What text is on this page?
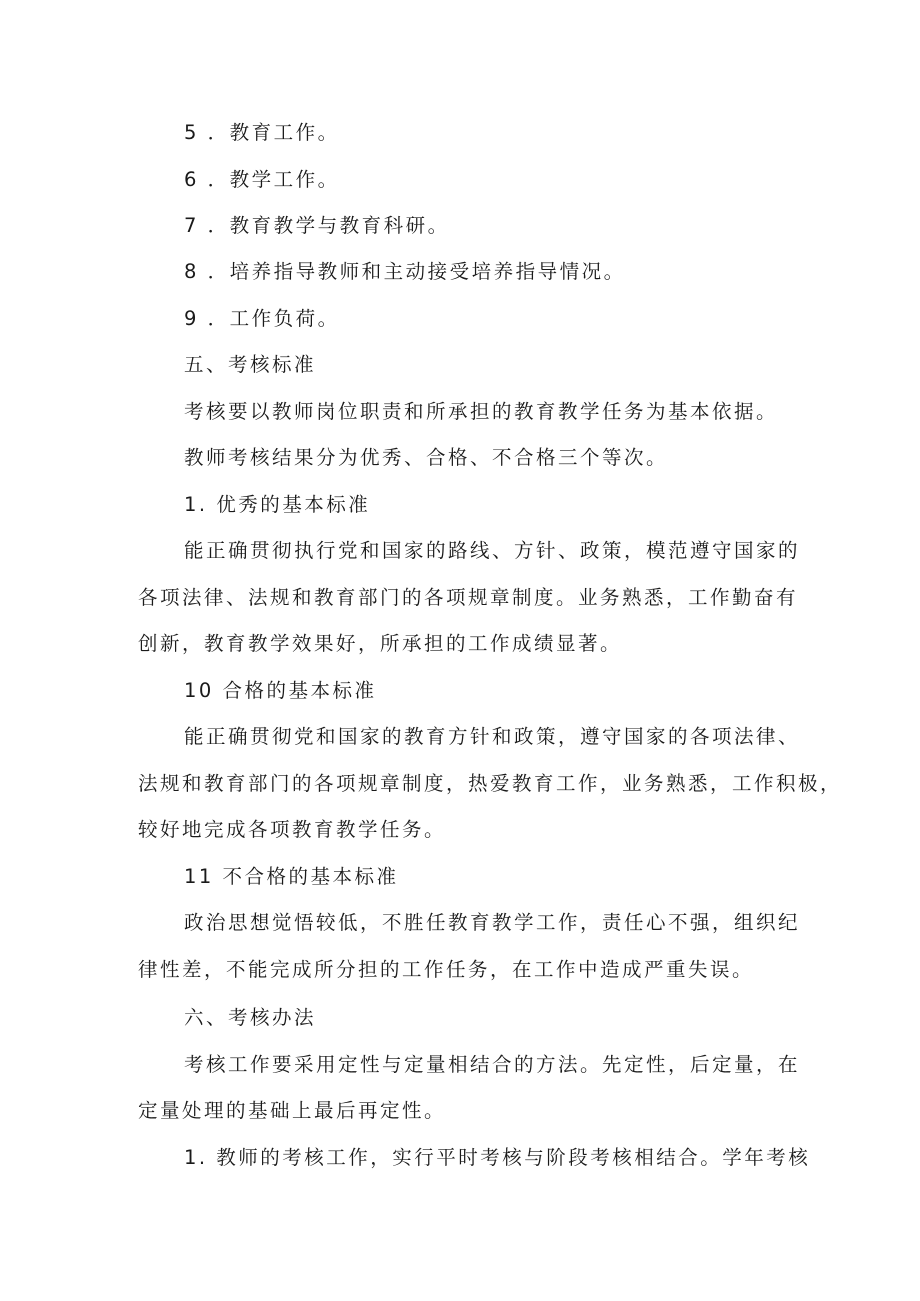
5 ．教育工作。
6 ．教学工作。
7 ．教育教学与教育科研。
8 ．培养指导教师和主动接受培养指导情况。
9 ．工作负荷。
五、考核标准
考核要以教师岗位职责和所承担的教育教学任务为基本依据。
教师考核结果分为优秀、合格、不合格三个等次。
1. 优秀的基本标准
能正确贯彻执行党和国家的路线、方针、政策，模范遵守国家的
各项法律、法规和教育部门的各项规章制度。业务熟悉，工作勤奋有
创新，教育教学效果好，所承担的工作成绩显著。
10 合格的基本标准
能正确贯彻党和国家的教育方针和政策，遵守国家的各项法律、
法规和教育部门的各项规章制度，热爱教育工作，业务熟悉，工作积极，
较好地完成各项教育教学任务。
11 不合格的基本标准
政治思想觉悟较低，不胜任教育教学工作，责任心不强，组织纪
律性差，不能完成所分担的工作任务，在工作中造成严重失误。
六、考核办法
考核工作要采用定性与定量相结合的方法。先定性，后定量，在
定量处理的基础上最后再定性。
1. 教师的考核工作，实行平时考核与阶段考核相结合。学年考核
